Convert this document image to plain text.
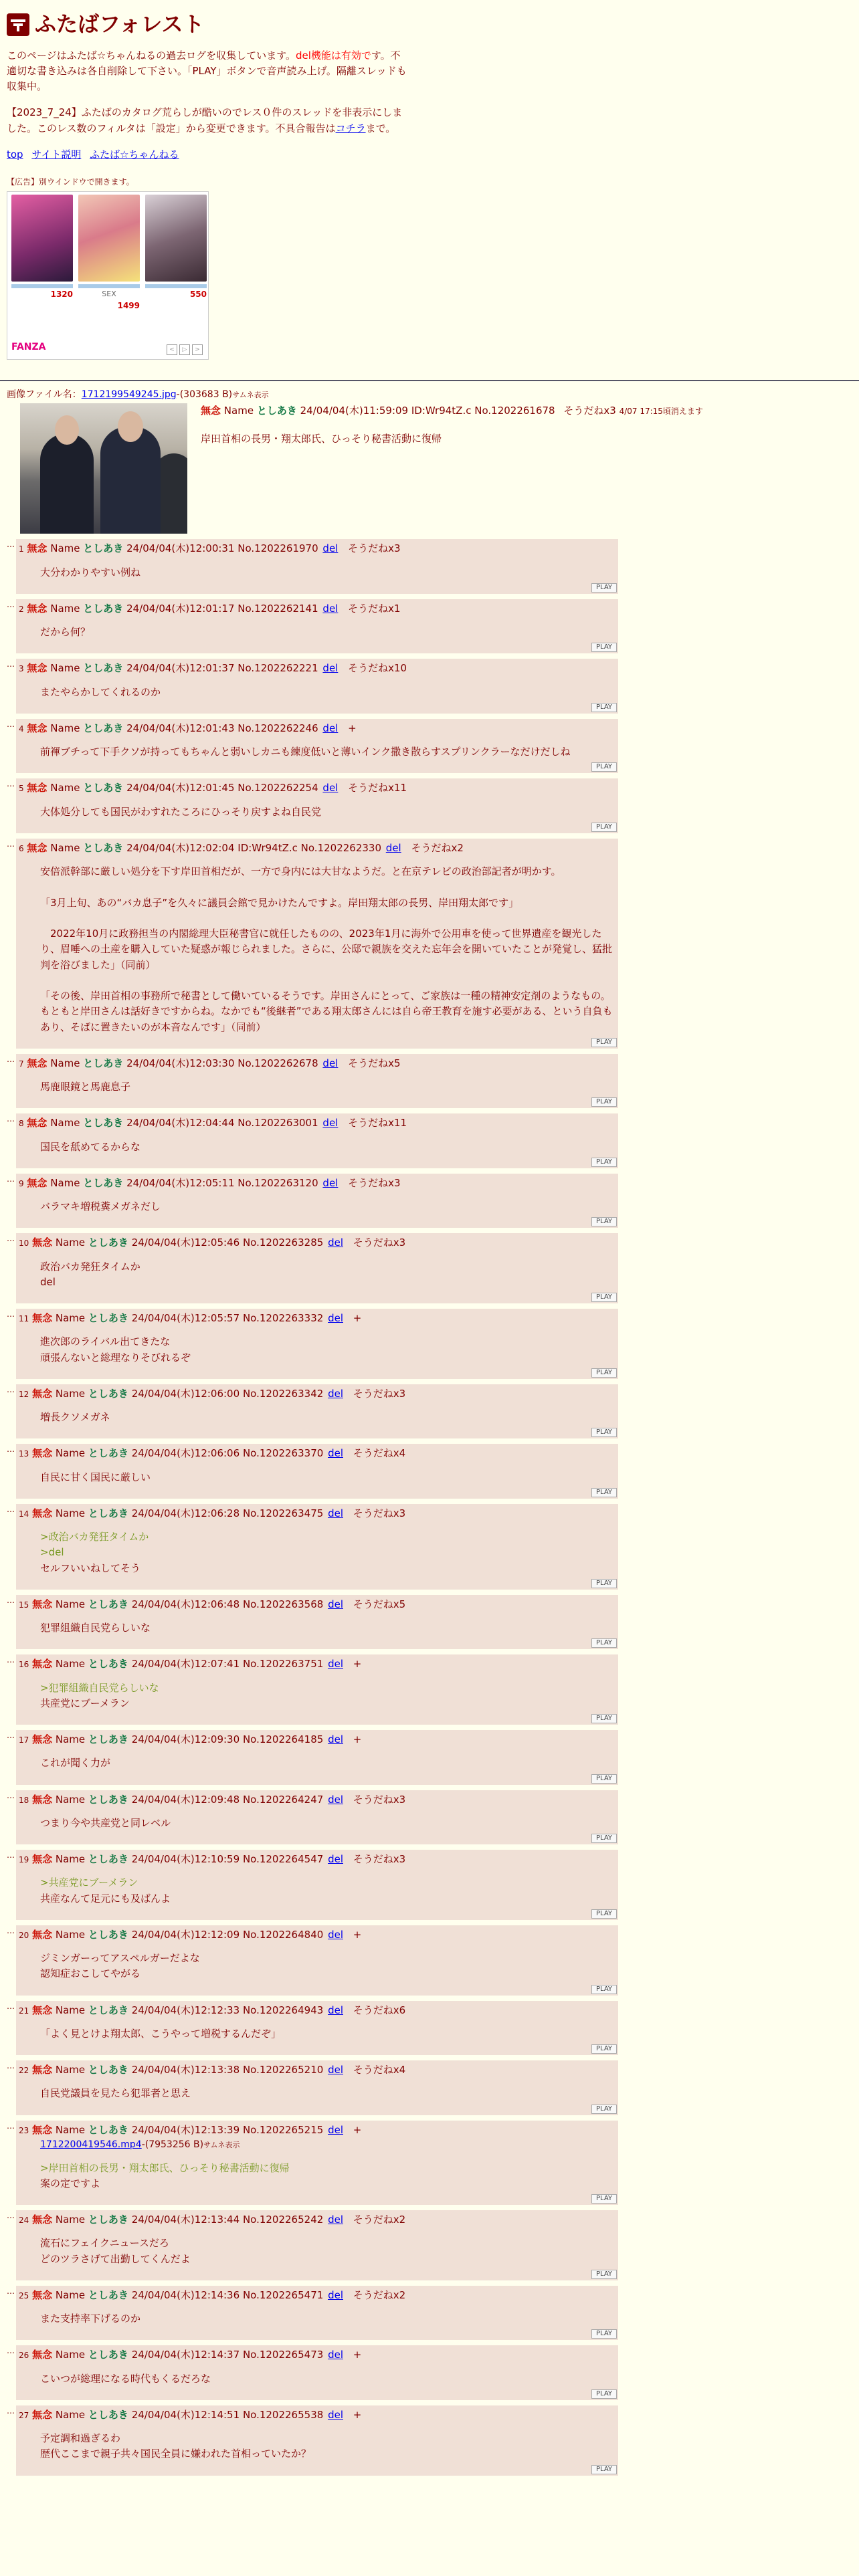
ふたばフォレスト
このページはふたば☆ちゃんねるの過去ログを収集しています。del機能は有効です。不適切な書き込みは各自削除して下さい。「PLAY」ボタンで音声読み上げ。隔離スレッドも収集中。
【2023_7_24】ふたばのカタログ荒らしが酷いのでレス０件のスレッドを非表示にしました。このレス数のフィルタは「設定」から変更できます。不具合報告はコチラまで。
top サイト説明 ふたば☆ちゃんねる
【広告】別ウインドウで開きます。
1320	SEX
1499
550
FANZA	<	▷	>
画像ファイル名：1712199549245.jpg-(303683 B)サムネ表示
無念 Name としあき 24/04/04(木)11:59:09 ID:Wr94tZ.c No.1202261678 そうだねx3 4/07 17:15頃消えます
岸田首相の長男・翔太郎氏、ひっそり秘書活動に復帰
… 1 無念 Name としあき 24/04/04(木)12:00:31 No.1202261970 del そうだねx3

大分わかりやすい例ね

PLAY
… 2 無念 Name としあき 24/04/04(木)12:01:17 No.1202262141 del そうだねx1

だから何？

PLAY
… 3 無念 Name としあき 24/04/04(木)12:01:37 No.1202262221 del そうだねx10

またやらかしてくれるのか

PLAY
… 4 無念 Name としあき 24/04/04(木)12:01:43 No.1202262246 del +

前褌ブチって下手クソが持ってもちゃんと弱いしカニも練度低いと薄いインク撒き散らすスプリンクラーなだけだしね

PLAY
… 5 無念 Name としあき 24/04/04(木)12:01:45 No.1202262254 del そうだねx11

大体処分しても国民がわすれたころにひっそり戻すよね自民党

PLAY
… 6 無念 Name としあき 24/04/04(木)12:02:04 ID:Wr94tZ.c No.1202262330 del そうだねx2

安倍派幹部に厳しい処分を下す岸田首相だが、一方で身内には大甘なようだ。と在京テレビの政治部記者が明かす。

「3月上旬、あの“バカ息子”を久々に議員会館で見かけたんですよ。岸田翔太郎の長男、岸田翔太郎です」

　2022年10月に政務担当の内閣総理大臣秘書官に就任したものの、2023年1月に海外で公用車を使って世界遺産を観光したり、眉唾への土産を購入していた疑惑が報じられました。さらに、公邸で親族を交えた忘年会を開いていたことが発覚し、猛批判を浴びました」（同前）

「その後、岸田首相の事務所で秘書として働いているそうです。岸田さんにとって、ご家族は一種の精神安定剤のようなもの。もともと岸田さんは話好きですからね。なかでも“後継者”である翔太郎さんには自ら帝王教育を施す必要がある、という自負もあり、そばに置きたいのが本音なんです」（同前）

PLAY
… 7 無念 Name としあき 24/04/04(木)12:03:30 No.1202262678 del そうだねx5

馬鹿眼鏡と馬鹿息子

PLAY
… 8 無念 Name としあき 24/04/04(木)12:04:44 No.1202263001 del そうだねx11

国民を舐めてるからな

PLAY
… 9 無念 Name としあき 24/04/04(木)12:05:11 No.1202263120 del そうだねx3

バラマキ増税糞メガネだし

PLAY
… 10 無念 Name としあき 24/04/04(木)12:05:46 No.1202263285 del そうだねx3

政治バカ発狂タイムか

del

PLAY
… 11 無念 Name としあき 24/04/04(木)12:05:57 No.1202263332 del +

進次郎のライバル出てきたな

頑張んないと総理なりそびれるぞ

PLAY
… 12 無念 Name としあき 24/04/04(木)12:06:00 No.1202263342 del そうだねx3

増長クソメガネ

PLAY
… 13 無念 Name としあき 24/04/04(木)12:06:06 No.1202263370 del そうだねx4

自民に甘く国民に厳しい

PLAY
… 14 無念 Name としあき 24/04/04(木)12:06:28 No.1202263475 del そうだねx3

>政治バカ発狂タイムか

>del

セルフいいねしてそう

PLAY
… 15 無念 Name としあき 24/04/04(木)12:06:48 No.1202263568 del そうだねx5

犯罪組織自民党らしいな

PLAY
… 16 無念 Name としあき 24/04/04(木)12:07:41 No.1202263751 del +

>犯罪組織自民党らしいな

共産党にブーメラン

PLAY
… 17 無念 Name としあき 24/04/04(木)12:09:30 No.1202264185 del +

これが聞く力が

PLAY
… 18 無念 Name としあき 24/04/04(木)12:09:48 No.1202264247 del そうだねx3

つまり今や共産党と同レベル

PLAY
… 19 無念 Name としあき 24/04/04(木)12:10:59 No.1202264547 del そうだねx3

>共産党にブーメラン

共産なんて足元にも及ばんよ

PLAY
… 20 無念 Name としあき 24/04/04(木)12:12:09 No.1202264840 del +

ジミンガーってアスペルガーだよな

認知症おこしてやがる

PLAY
… 21 無念 Name としあき 24/04/04(木)12:12:33 No.1202264943 del そうだねx6

「よく見とけよ翔太郎、こうやって増税するんだぞ」

PLAY
… 22 無念 Name としあき 24/04/04(木)12:13:38 No.1202265210 del そうだねx4

自民党議員を見たら犯罪者と思え

PLAY
… 23 無念 Name としあき 24/04/04(木)12:13:39 No.1202265215 del +
1712200419546.mp4-(7953256 B)サムネ表示

>岸田首相の長男・翔太郎氏、ひっそり秘書活動に復帰

案の定ですよ

PLAY
… 24 無念 Name としあき 24/04/04(木)12:13:44 No.1202265242 del そうだねx2

流石にフェイクニュースだろ

どのツラさげて出勤してくんだよ

PLAY
… 25 無念 Name としあき 24/04/04(木)12:14:36 No.1202265471 del そうだねx2

また支持率下げるのか

PLAY
… 26 無念 Name としあき 24/04/04(木)12:14:37 No.1202265473 del +

こいつが総理になる時代もくるだろな

PLAY
… 27 無念 Name としあき 24/04/04(木)12:14:51 No.1202265538 del +

予定調和過ぎるわ

歴代ここまで親子共々国民全員に嫌われた首相っていたか？

PLAY
